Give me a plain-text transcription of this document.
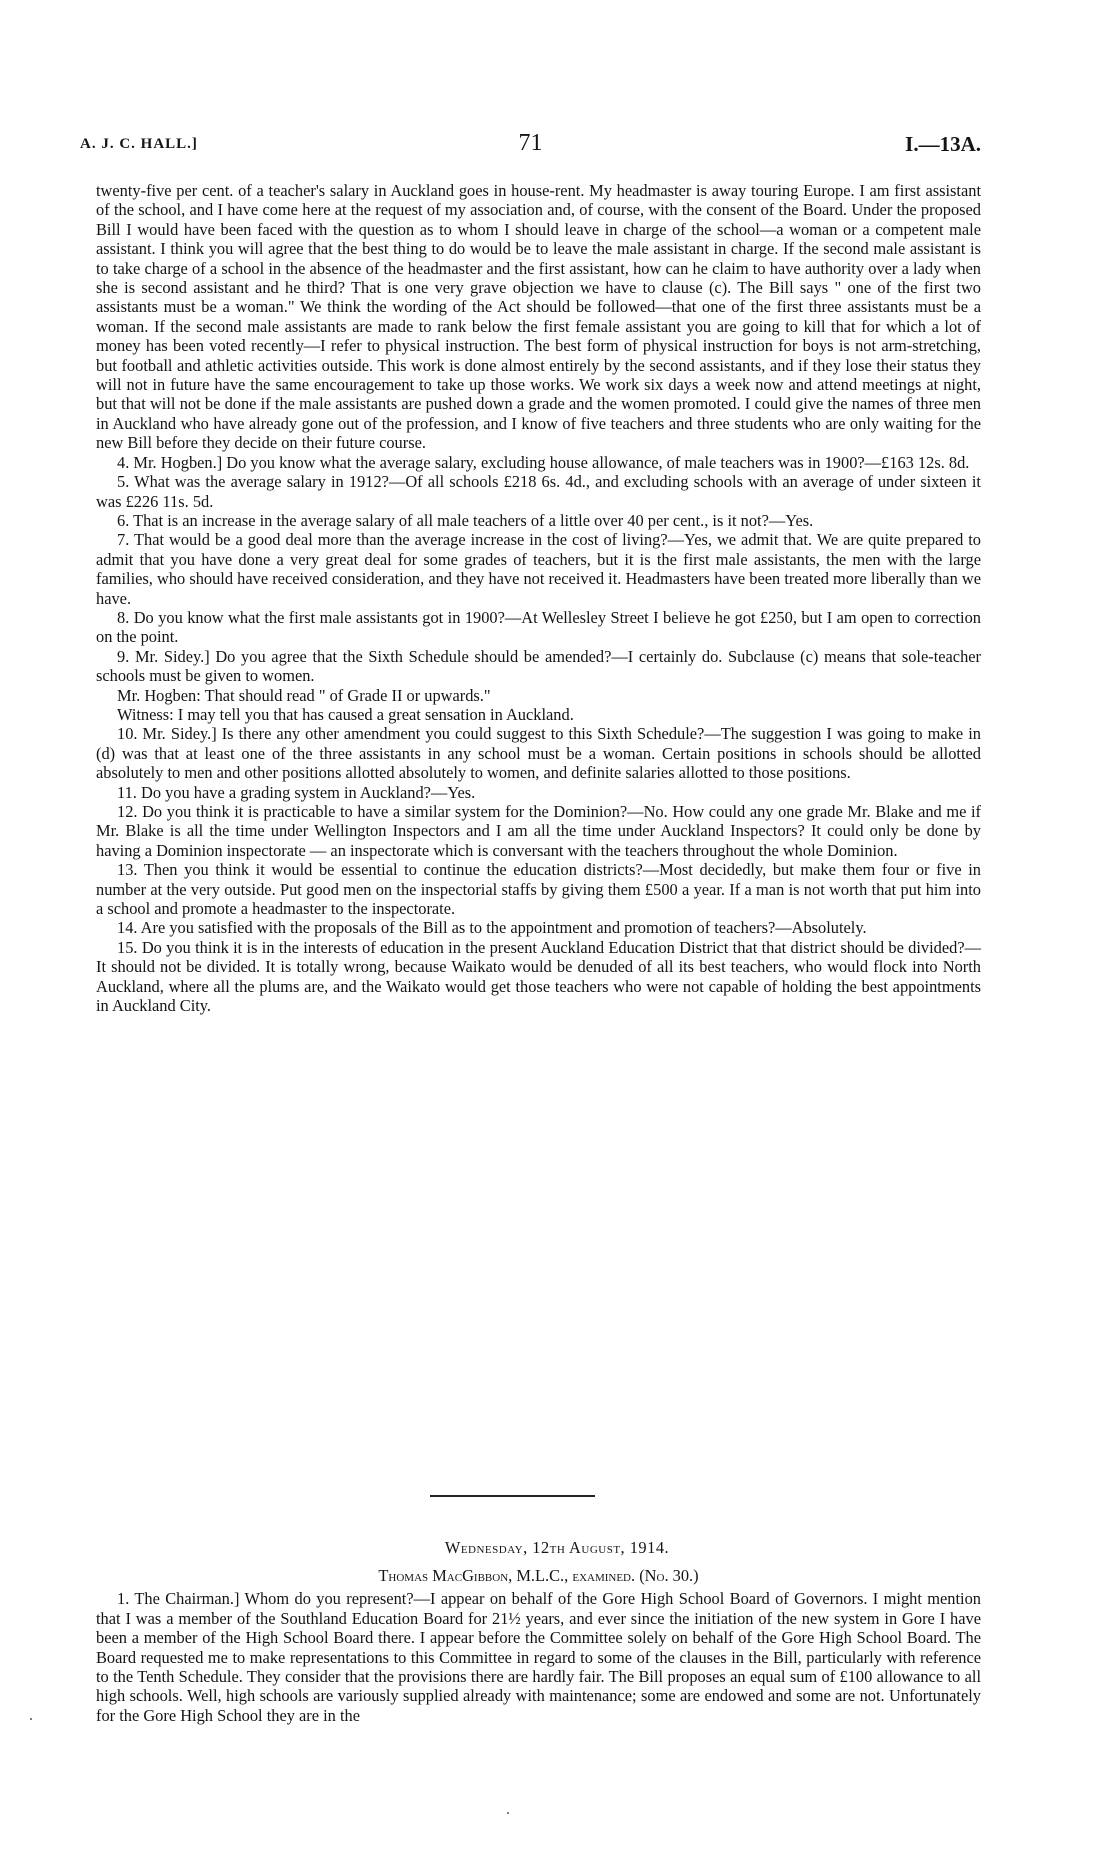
A. J. C. HALL.]	71	I.—13A.

twenty-five per cent. of a teacher's salary in Auckland goes in house-rent. My headmaster is away touring Europe. I am first assistant of the school, and I have come here at the request of my association and, of course, with the consent of the Board. Under the proposed Bill I would have been faced with the question as to whom I should leave in charge of the school—a woman or a competent male assistant. I think you will agree that the best thing to do would be to leave the male assistant in charge. If the second male assistant is to take charge of a school in the absence of the headmaster and the first assistant, how can he claim to have authority over a lady when she is second assistant and he third? That is one very grave objection we have to clause (c). The Bill says " one of the first two assistants must be a woman." We think the wording of the Act should be followed—that one of the first three assistants must be a woman. If the second male assistants are made to rank below the first female assistant you are going to kill that for which a lot of money has been voted recently—I refer to physical instruction. The best form of physical instruction for boys is not arm-stretching, but football and athletic activities outside. This work is done almost entirely by the second assistants, and if they lose their status they will not in future have the same encouragement to take up those works. We work six days a week now and attend meetings at night, but that will not be done if the male assistants are pushed down a grade and the women promoted. I could give the names of three men in Auckland who have already gone out of the profession, and I know of five teachers and three students who are only waiting for the new Bill before they decide on their future course.

4. Mr. Hogben.] Do you know what the average salary, excluding house allowance, of male teachers was in 1900?—£163 12s. 8d.

5. What was the average salary in 1912?—Of all schools £218 6s. 4d., and excluding schools with an average of under sixteen it was £226 11s. 5d.

6. That is an increase in the average salary of all male teachers of a little over 40 per cent., is it not?—Yes.

7. That would be a good deal more than the average increase in the cost of living?—Yes, we admit that. We are quite prepared to admit that you have done a very great deal for some grades of teachers, but it is the first male assistants, the men with the large families, who should have received consideration, and they have not received it. Headmasters have been treated more liberally than we have.

8. Do you know what the first male assistants got in 1900?—At Wellesley Street I believe he got £250, but I am open to correction on the point.

9. Mr. Sidey.] Do you agree that the Sixth Schedule should be amended?—I certainly do. Subclause (c) means that sole-teacher schools must be given to women.

Mr. Hogben: That should read " of Grade II or upwards."

Witness: I may tell you that has caused a great sensation in Auckland.

10. Mr. Sidey.] Is there any other amendment you could suggest to this Sixth Schedule?—The suggestion I was going to make in (d) was that at least one of the three assistants in any school must be a woman. Certain positions in schools should be allotted absolutely to men and other positions allotted absolutely to women, and definite salaries allotted to those positions.

11. Do you have a grading system in Auckland?—Yes.

12. Do you think it is practicable to have a similar system for the Dominion?—No. How could any one grade Mr. Blake and me if Mr. Blake is all the time under Wellington Inspectors and I am all the time under Auckland Inspectors? It could only be done by having a Dominion inspectorate — an inspectorate which is conversant with the teachers throughout the whole Dominion.

13. Then you think it would be essential to continue the education districts?—Most decidedly, but make them four or five in number at the very outside. Put good men on the inspectorial staffs by giving them £500 a year. If a man is not worth that put him into a school and promote a headmaster to the inspectorate.

14. Are you satisfied with the proposals of the Bill as to the appointment and promotion of teachers?—Absolutely.

15. Do you think it is in the interests of education in the present Auckland Education District that that district should be divided?—It should not be divided. It is totally wrong, because Waikato would be denuded of all its best teachers, who would flock into North Auckland, where all the plums are, and the Waikato would get those teachers who were not capable of holding the best appointments in Auckland City.

Wednesday, 12th August, 1914.

Thomas MacGibbon, M.L.C., examined. (No. 30.)

1. The Chairman.] Whom do you represent?—I appear on behalf of the Gore High School Board of Governors. I might mention that I was a member of the Southland Education Board for 21½ years, and ever since the initiation of the new system in Gore I have been a member of the High School Board there. I appear before the Committee solely on behalf of the Gore High School Board. The Board requested me to make representations to this Committee in regard to some of the clauses in the Bill, particularly with reference to the Tenth Schedule. They consider that the provisions there are hardly fair. The Bill proposes an equal sum of £100 allowance to all high schools. Well, high schools are variously supplied already with maintenance; some are endowed and some are not. Unfortunately for the Gore High School they are in the
